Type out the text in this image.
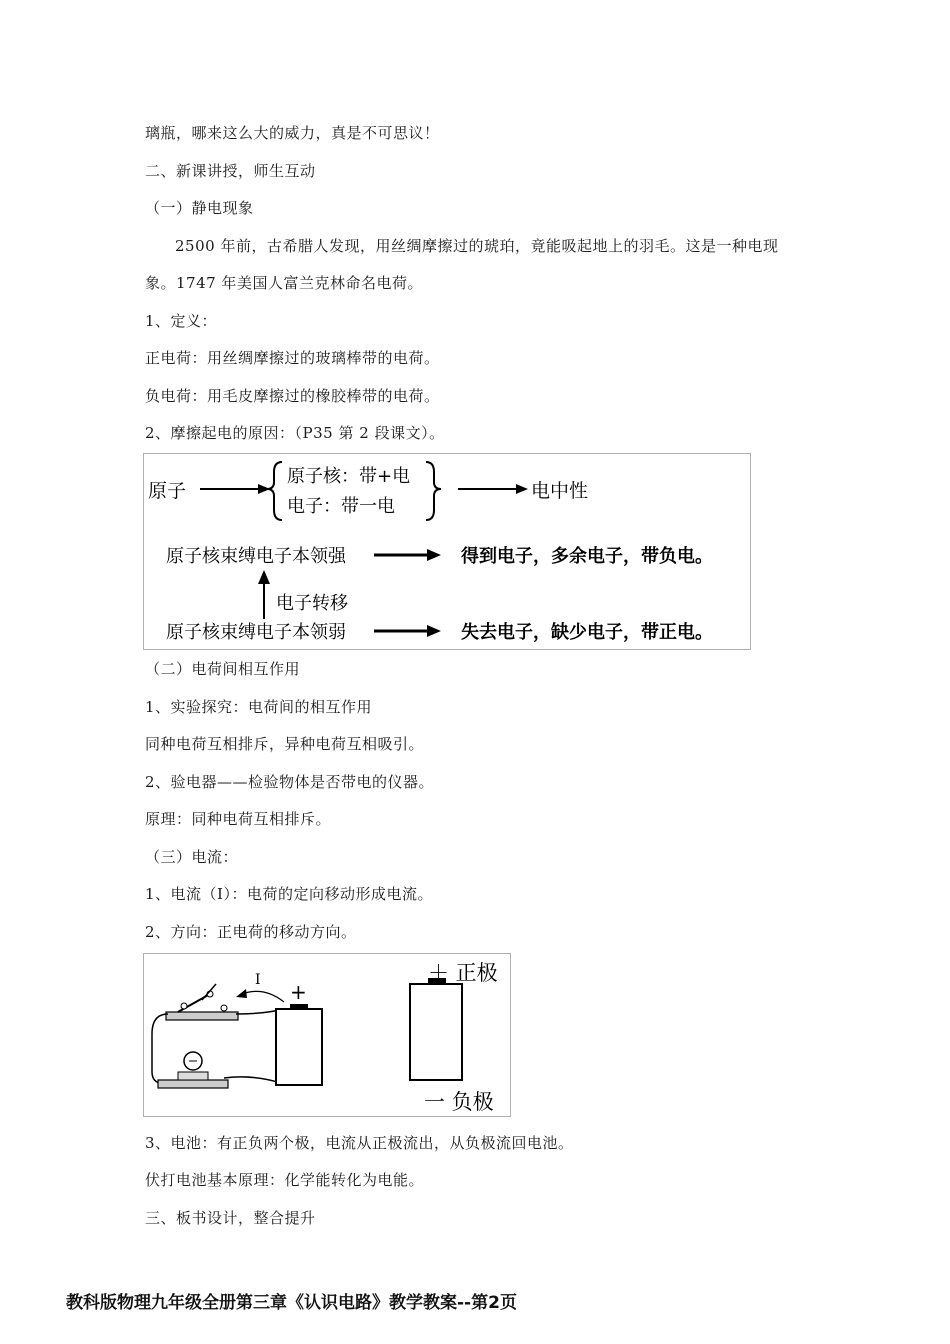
璃瓶，哪来这么大的威力，真是不可思议！
二、新课讲授，师生互动
（一）静电现象
2500 年前，古希腊人发现，用丝绸摩擦过的琥珀，竟能吸起地上的羽毛。这是一种电现
象。1747 年美国人富兰克林命名电荷。
1、定义：
正电荷：用丝绸摩擦过的玻璃棒带的电荷。
负电荷：用毛皮摩擦过的橡胶棒带的电荷。
2、摩擦起电的原因：（P35 第 2 段课文）。
原子
原子核：带+电
电子：带一电
电中性
原子核束缚电子本领强	得到电子，多余电子，带负电。
电子转移
原子核束缚电子本领弱	失去电子，缺少电子，带正电。
（二）电荷间相互作用
1、实验探究：电荷间的相互作用
同种电荷互相排斥，异种电荷互相吸引。
2、验电器——检验物体是否带电的仪器。
原理：同种电荷互相排斥。
（三）电流：
1、电流（I）：电荷的定向移动形成电流。
2、方向：正电荷的移动方向。
I +
＋ 正极
一 负极
3、电池：有正负两个极，电流从正极流出，从负极流回电池。
伏打电池基本原理：化学能转化为电能。
三、板书设计，整合提升
教科版物理九年级全册第三章《认识电路》教学教案--第2页
